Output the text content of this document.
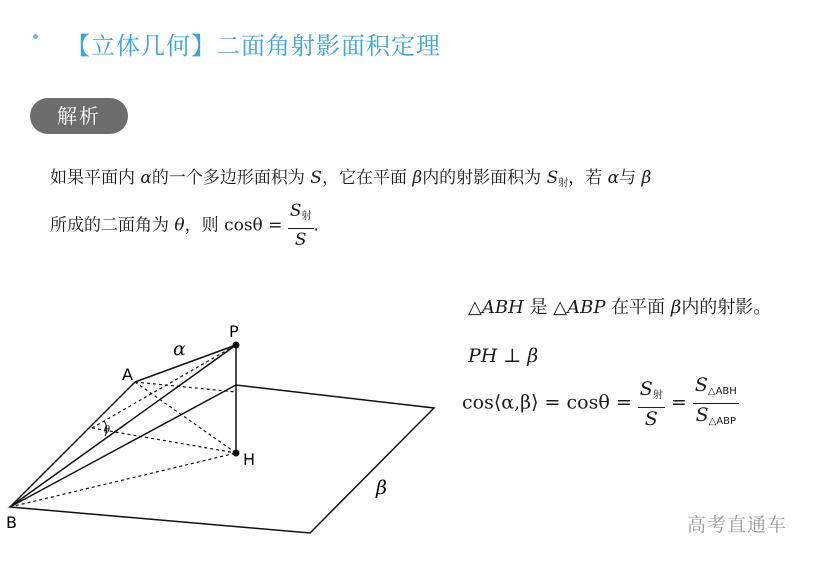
【立体几何】二面角射影面积定理
解析
如果平面内 α的一个多边形面积为 S，它在平面 β内的射影面积为 $S_射$，若 α与 β
所成的二面角为 θ，则 $\cos\theta = \frac{S_射}{S}$ .
△ABH 是 △ABP 在平面 β内的射影。
PH ⊥ β
cos⟨α,β⟩ = $\cos\theta = \frac{S_射}{S} = \frac{S_{\triangle ABH}}{S_{\triangle ABP}}$
P
A
B
H
α
β
θ
高考直通车
